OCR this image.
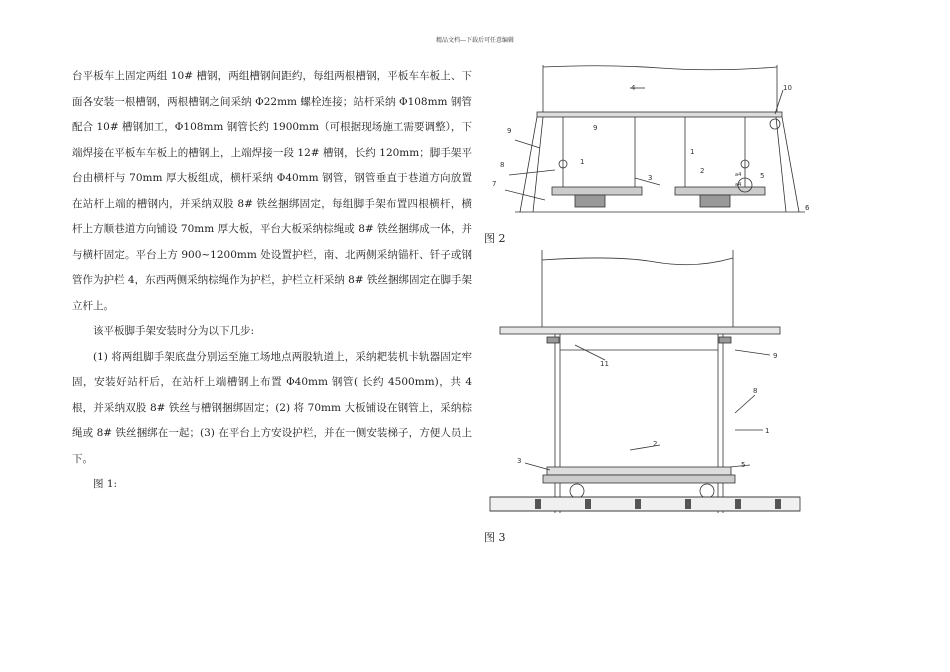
精品文档---下载后可任意编辑

台平板车上固定两组 10# 槽钢，两组槽钢间距约，每组两根槽钢，平板车车板上、下面各安装一根槽钢，两根槽钢之间采纳 Φ22mm 螺栓连接；站杆采纳 Φ108mm 钢管配合 10# 槽钢加工，Φ108mm 钢管长约 1900mm（可根据现场施工需要调整），下端焊接在平板车车板上的槽钢上，上端焊接一段 12# 槽钢，长约 120mm；脚手架平台由横杆与 70mm 厚大板组成，横杆采纳 Φ40mm 钢管，钢管垂直于巷道方向放置在站杆上端的槽钢内，并采纳双股 8# 铁丝捆绑固定，每组脚手架布置四根横杆，横杆上方顺巷道方向铺设 70mm 厚大板，平台大板采纳棕绳或 8# 铁丝捆绑成一体，并与横杆固定。平台上方 900~1200mm 处设置护栏，南、北两侧采纳锚杆、钎子或钢管作为护栏 4，东西两侧采纳棕绳作为护栏，护栏立杆采纳 8# 铁丝捆绑固定在脚手架立杆上。

该平板脚手架安装时分为以下几步:

(1) 将两组脚手架底盘分别运至施工场地点两股轨道上，采纳耙装机卡轨器固定牢固，安装好站杆后，在站杆上端槽钢上布置 Φ40mm 钢管( 长约 4500mm)，共 4 根，并采纳双股 8# 铁丝与槽钢捆绑固定；(2) 将 70mm 大板铺设在钢管上，采纳棕绳或 8# 铁丝捆绑在一起；(3) 在平台上方安设护栏，并在一侧安装梯子，方便人员上下。

图 1:

4	10
9	9
1
1
8
2
3	5
7
6
a4
a4
图 2
11
9
8
1
2
3	5
图 3
